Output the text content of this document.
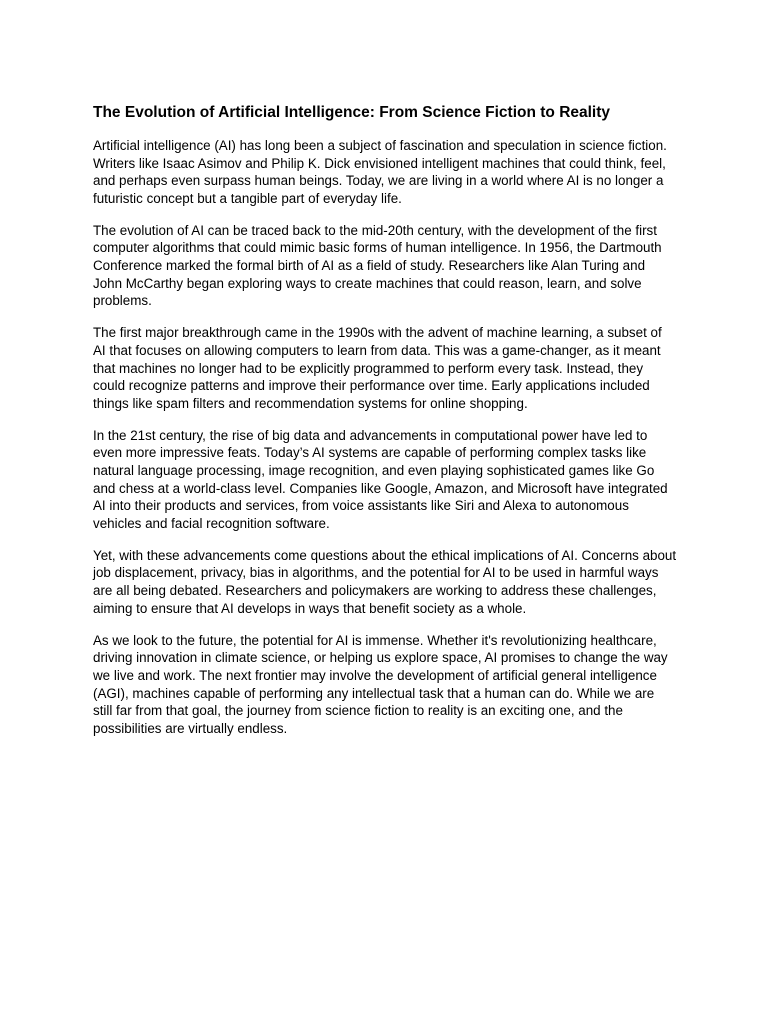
The Evolution of Artificial Intelligence: From Science Fiction to Reality

Artificial intelligence (AI) has long been a subject of fascination and speculation in science fiction. Writers like Isaac Asimov and Philip K. Dick envisioned intelligent machines that could think, feel, and perhaps even surpass human beings. Today, we are living in a world where AI is no longer a futuristic concept but a tangible part of everyday life.

The evolution of AI can be traced back to the mid-20th century, with the development of the first computer algorithms that could mimic basic forms of human intelligence. In 1956, the Dartmouth Conference marked the formal birth of AI as a field of study. Researchers like Alan Turing and John McCarthy began exploring ways to create machines that could reason, learn, and solve problems.

The first major breakthrough came in the 1990s with the advent of machine learning, a subset of AI that focuses on allowing computers to learn from data. This was a game-changer, as it meant that machines no longer had to be explicitly programmed to perform every task. Instead, they could recognize patterns and improve their performance over time. Early applications included things like spam filters and recommendation systems for online shopping.

In the 21st century, the rise of big data and advancements in computational power have led to even more impressive feats. Today’s AI systems are capable of performing complex tasks like natural language processing, image recognition, and even playing sophisticated games like Go and chess at a world-class level. Companies like Google, Amazon, and Microsoft have integrated AI into their products and services, from voice assistants like Siri and Alexa to autonomous vehicles and facial recognition software.

Yet, with these advancements come questions about the ethical implications of AI. Concerns about job displacement, privacy, bias in algorithms, and the potential for AI to be used in harmful ways are all being debated. Researchers and policymakers are working to address these challenges, aiming to ensure that AI develops in ways that benefit society as a whole.

As we look to the future, the potential for AI is immense. Whether it's revolutionizing healthcare, driving innovation in climate science, or helping us explore space, AI promises to change the way we live and work. The next frontier may involve the development of artificial general intelligence (AGI), machines capable of performing any intellectual task that a human can do. While we are still far from that goal, the journey from science fiction to reality is an exciting one, and the possibilities are virtually endless.
